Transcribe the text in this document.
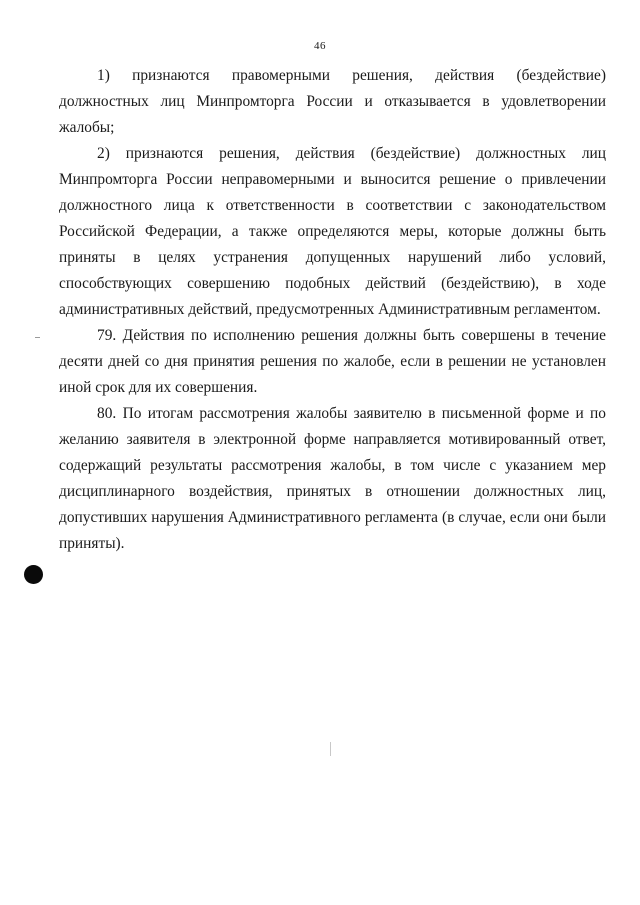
46

1) признаются правомерными решения, действия (бездействие) должностных лиц Минпромторга России и отказывается в удовлетворении жалобы;

2) признаются решения, действия (бездействие) должностных лиц Минпромторга России неправомерными и выносится решение о привлечении должностного лица к ответственности в соответствии с законодательством Российской Федерации, а также определяются меры, которые должны быть приняты в целях устранения допущенных нарушений либо условий, способствующих совершению подобных действий (бездействию), в ходе административных действий, предусмотренных Административным регламентом.

79. Действия по исполнению решения должны быть совершены в течение десяти дней со дня принятия решения по жалобе, если в решении не установлен иной срок для их совершения.

80. По итогам рассмотрения жалобы заявителю в письменной форме и по желанию заявителя в электронной форме направляется мотивированный ответ, содержащий результаты рассмотрения жалобы, в том числе с указанием мер дисциплинарного воздействия, принятых в отношении должностных лиц, допустивших нарушения Административного регламента (в случае, если они были приняты).
